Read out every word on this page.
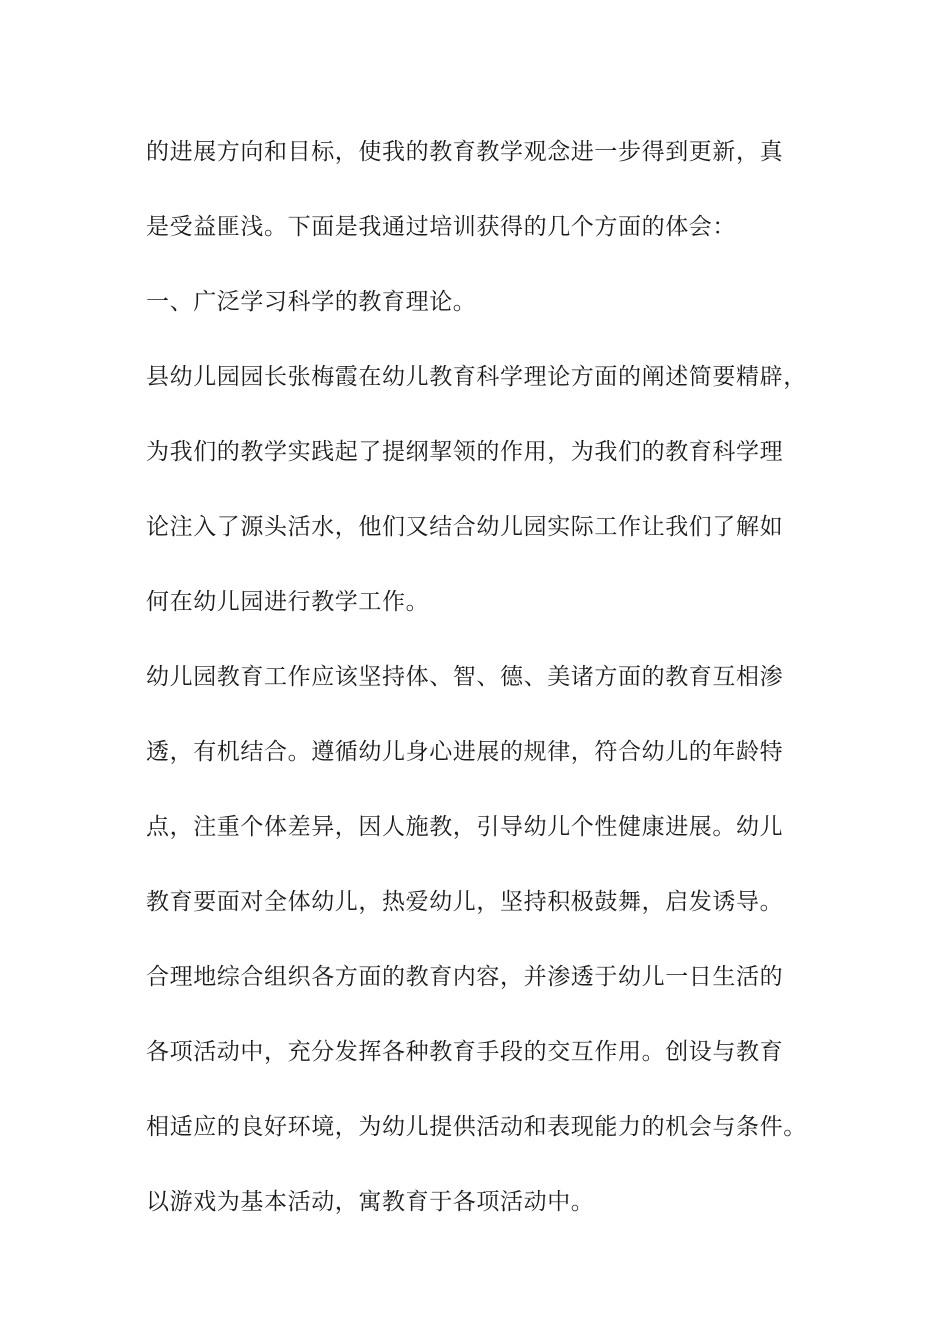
的进展方向和目标，使我的教育教学观念进一步得到更新，真

是受益匪浅。下面是我通过培训获得的几个方面的体会：

一、广泛学习科学的教育理论。

县幼儿园园长张梅霞在幼儿教育科学理论方面的阐述简要精辟，

为我们的教学实践起了提纲挈领的作用，为我们的教育科学理

论注入了源头活水，他们又结合幼儿园实际工作让我们了解如

何在幼儿园进行教学工作。

幼儿园教育工作应该坚持体、智、德、美诸方面的教育互相渗

透，有机结合。遵循幼儿身心进展的规律，符合幼儿的年龄特

点，注重个体差异，因人施教，引导幼儿个性健康进展。幼儿

教育要面对全体幼儿，热爱幼儿，坚持积极鼓舞，启发诱导。

合理地综合组织各方面的教育内容，并渗透于幼儿一日生活的

各项活动中，充分发挥各种教育手段的交互作用。创设与教育

相适应的良好环境，为幼儿提供活动和表现能力的机会与条件。

以游戏为基本活动，寓教育于各项活动中。
